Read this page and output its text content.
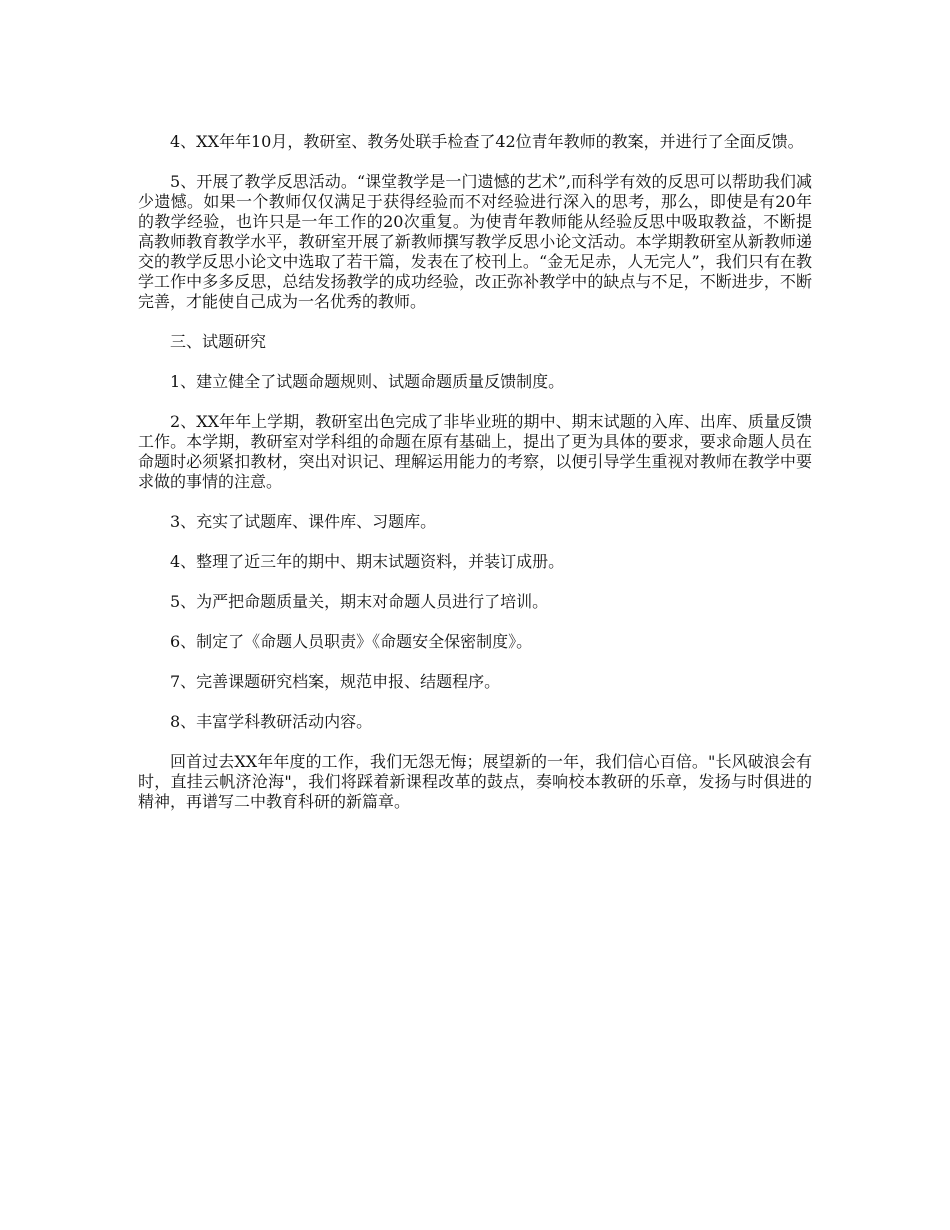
4、XX年年10月，教研室、教务处联手检查了42位青年教师的教案，并进行了全面反馈。

5、开展了教学反思活动。“课堂教学是一门遗憾的艺术”,而科学有效的反思可以帮助我们减少遗憾。如果一个教师仅仅满足于获得经验而不对经验进行深入的思考，那么，即使是有20年的教学经验，也许只是一年工作的20次重复。为使青年教师能从经验反思中吸取教益，不断提高教师教育教学水平，教研室开展了新教师撰写教学反思小论文活动。本学期教研室从新教师递交的教学反思小论文中选取了若干篇，发表在了校刊上。“金无足赤，人无完人”，我们只有在教学工作中多多反思，总结发扬教学的成功经验，改正弥补教学中的缺点与不足，不断进步，不断完善，才能使自己成为一名优秀的教师。

三、试题研究

1、建立健全了试题命题规则、试题命题质量反馈制度。

2、XX年年上学期，教研室出色完成了非毕业班的期中、期末试题的入库、出库、质量反馈工作。本学期，教研室对学科组的命题在原有基础上，提出了更为具体的要求，要求命题人员在命题时必须紧扣教材，突出对识记、理解运用能力的考察，以便引导学生重视对教师在教学中要求做的事情的注意。

3、充实了试题库、课件库、习题库。

4、整理了近三年的期中、期末试题资料，并装订成册。

5、为严把命题质量关，期末对命题人员进行了培训。

6、制定了《命题人员职责》《命题安全保密制度》。

7、完善课题研究档案，规范申报、结题程序。

8、丰富学科教研活动内容。

回首过去XX年年度的工作，我们无怨无悔；展望新的一年，我们信心百倍。"长风破浪会有时，直挂云帆济沧海"，我们将踩着新课程改革的鼓点，奏响校本教研的乐章，发扬与时俱进的精神，再谱写二中教育科研的新篇章。
